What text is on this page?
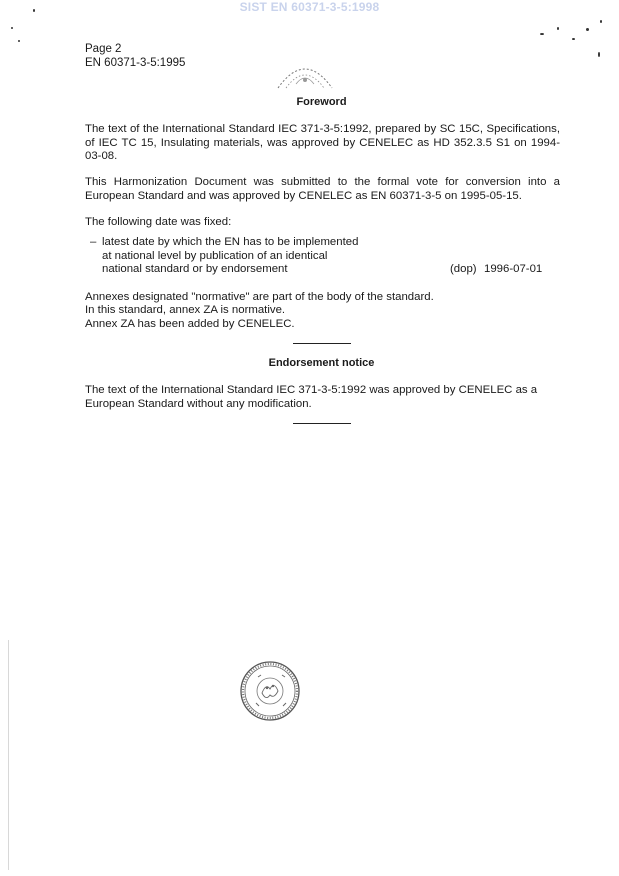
SIST EN 60371-3-5:1998
Page 2
EN 60371-3-5:1995
Foreword
The text of the International Standard IEC 371-3-5:1992, prepared by SC 15C, Specifications, of IEC TC 15, Insulating materials, was approved by CENELEC as HD 352.3.5 S1 on 1994-03-08.
This Harmonization Document was submitted to the formal vote for conversion into a European Standard and was approved by CENELEC as EN 60371-3-5 on 1995-05-15.
The following date was fixed:
– latest date by which the EN has to be implemented
at national level by publication of an identical
national standard or by endorsement	(dop) 1996-07-01
Annexes designated "normative" are part of the body of the standard.
In this standard, annex ZA is normative.
Annex ZA has been added by CENELEC.
Endorsement notice
The text of the International Standard IEC 371-3-5:1992 was approved by CENELEC as a European Standard without any modification.
